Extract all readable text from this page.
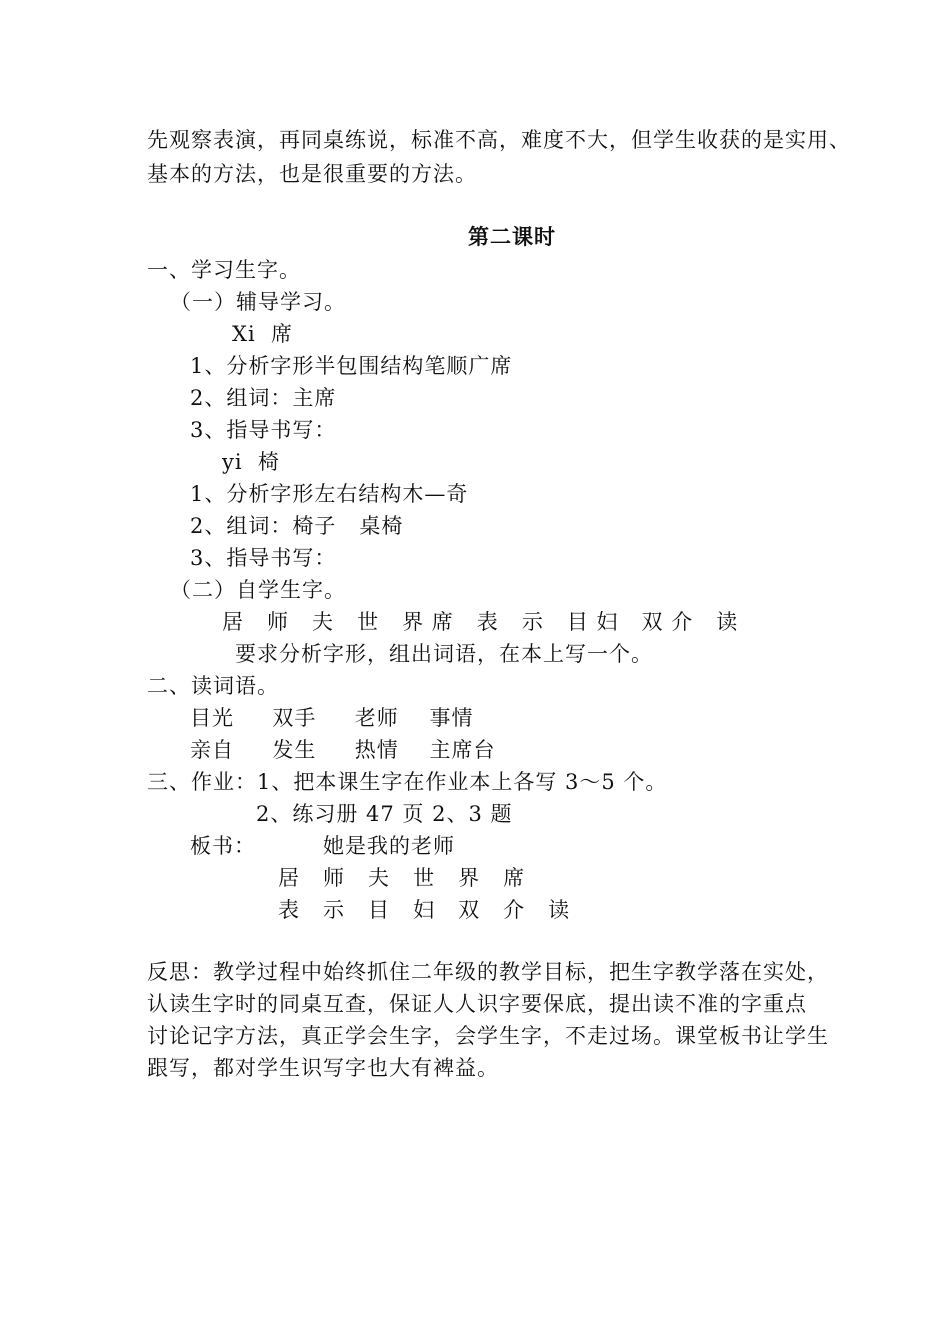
先观察表演，再同桌练说，标准不高，难度不大，但学生收获的是实用、
基本的方法，也是很重要的方法。
第二课时
一、学习生字。
（一）辅导学习。
Xi  席
1、分析字形半包围结构笔顺广席
2、组词：主席
3、指导书写：
yi  椅
1、分析字形左右结构木—奇
2、组词：椅子   桌椅
3、指导书写：
（二）自学生字。
居   师   夫   世   界 席   表   示   目 妇   双 介   读
要求分析字形，组出词语，在本上写一个。
二、读词语。
目光     双手     老师    事情
亲自     发生     热情    主席台
三、作业：1、把本课生字在作业本上各写 3～5 个。
2、练习册 47 页 2、3 题
板书：	她是我的老师
居   师   夫   世   界   席
表   示   目   妇   双   介   读
反思：教学过程中始终抓住二年级的教学目标，把生字教学落在实处，
认读生字时的同桌互查，保证人人识字要保底，提出读不准的字重点
讨论记字方法，真正学会生字，会学生字，不走过场。课堂板书让学生
跟写，都对学生识写字也大有裨益。
